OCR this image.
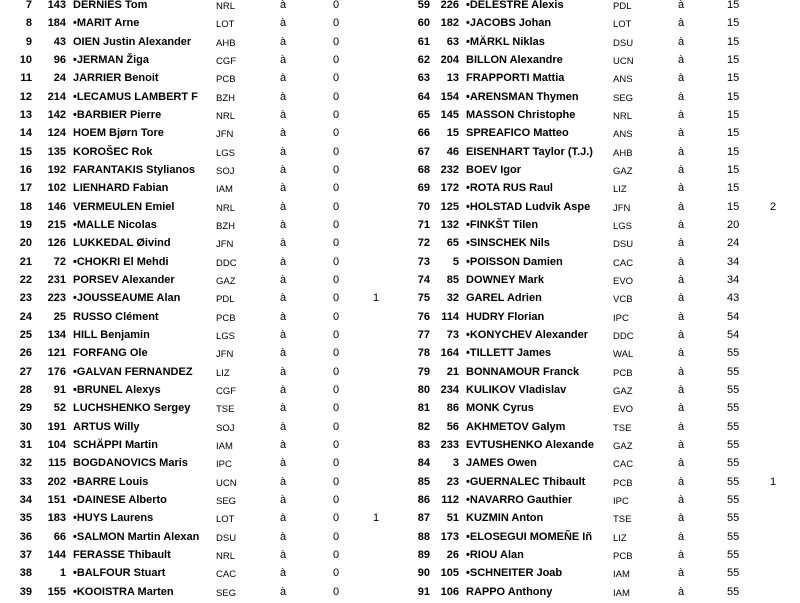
7	143 DERNIES Tom	NRL	à	0
8	184 •MARIT Arne	LOT	à	0
9	43 OIEN Justin Alexander	AHB	à	0
10	96 •JERMAN Žiga	CGF	à	0
11	24 JARRIER Benoit	PCB	à	0
12	214 •LECAMUS LAMBERT F	BZH	à	0
13	142 •BARBIER Pierre	NRL	à	0
14	124 HOEM Bjørn Tore	JFN	à	0
15	135 KOROŠEC Rok	LGS	à	0
16	192 FARANTAKIS Stylianos	SOJ	à	0
17	102 LIENHARD Fabian	IAM	à	0
18	146 VERMEULEN Emiel	NRL	à	0
19	215 •MALLE Nicolas	BZH	à	0
20	126 LUKKEDAL Øivind	JFN	à	0
21	72 •CHOKRI El Mehdi	DDC	à	0
22	231 PORSEV Alexander	GAZ	à	0
23	223 •JOUSSEAUME Alan	PDL	à	0	1
24	25 RUSSO Clément	PCB	à	0
25	134 HILL Benjamin	LGS	à	0
26	121 FORFANG Ole	JFN	à	0
27	176 •GALVAN FERNANDEZ	LIZ	à	0
28	91 •BRUNEL Alexys	CGF	à	0
29	52 LUCHSHENKO Sergey	TSE	à	0
30	191 ARTUS Willy	SOJ	à	0
31	104 SCHÄPPI Martin	IAM	à	0
32	115 BOGDANOVICS Maris	IPC	à	0
33	202 •BARRE Louis	UCN	à	0
34	151 •DAINESE Alberto	SEG	à	0
35	183 •HUYS Laurens	LOT	à	0	1
36	66 •SALMON Martin Alexan	DSU	à	0
37	144 FERASSE Thibault	NRL	à	0
38	1 •BALFOUR Stuart	CAC	à	0
39	155 •KOOISTRA Marten	SEG	à	0
59 226 •DELESTRE Alexis	PDL	à	15
60 182 •JACOBS Johan	LOT	à	15
61	63 •MÄRKL Niklas	DSU	à	15
62 204 BILLON Alexandre	UCN	à	15
63	13 FRAPPORTI Mattia	ANS	à	15
64 154 •ARENSMAN Thymen	SEG	à	15
65 145 MASSON Christophe	NRL	à	15
66	15 SPREAFICO Matteo	ANS	à	15
67	46 EISENHART Taylor (T.J.)	AHB	à	15
68 232 BOEV Igor	GAZ	à	15
69 172 •ROTA RUS Raul	LIZ	à	15
70 125 •HOLSTAD Ludvik Aspe	JFN	à	15	2
71 132 •FINKŠT Tilen	LGS	à	20
72	65 •SINSCHEK Nils	DSU	à	24
73	5 •POISSON Damien	CAC	à	34
74	85 DOWNEY Mark	EVO	à	34
75	32 GAREL Adrien	VCB	à	43
76	114 HUDRY Florian	IPC	à	54
77	73 •KONYCHEV Alexander	DDC	à	54
78 164 •TILLETT James	WAL	à	55
79	21 BONNAMOUR Franck	PCB	à	55
80 234 KULIKOV Vladislav	GAZ	à	55
81	86 MONK Cyrus	EVO	à	55
82	56 AKHMETOV Galym	TSE	à	55
83 233 EVTUSHENKO Alexande	GAZ	à	55
84	3 JAMES Owen	CAC	à	55
85	23 •GUERNALEC Thibault	PCB	à	55	1
86	112 •NAVARRO Gauthier	IPC	à	55
87	51 KUZMIN Anton	TSE	à	55
88 173 •ELOSEGUI MOMEÑE Iñ	LIZ	à	55
89	26 •RIOU Alan	PCB	à	55
90 105 •SCHNEITER Joab	IAM	à	55
91 106 RAPPO Anthony	IAM	à	55
